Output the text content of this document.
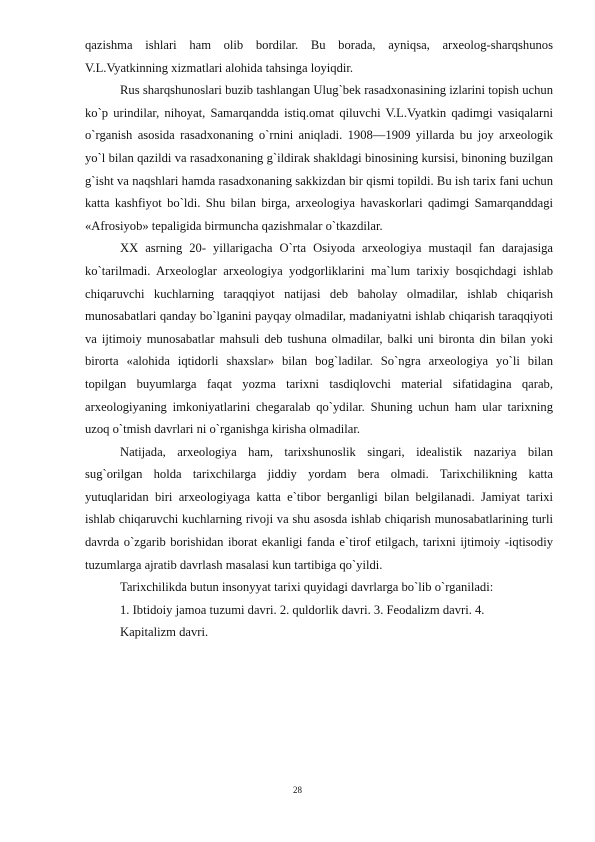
qazishma ishlari ham olib bordilar. Bu borada, ayniqsa, arxeolog-sharqshunos V.L.Vyatkinning xizmatlari alohida tahsinga loyiqdir.

Rus sharqshunoslari buzib tashlangan Ulug`bek rasadxonasining izlarini topish uchun ko`p urindilar, nihoyat, Samarqandda istiq.omat qiluvchi V.L.Vyatkin qadimgi vasiqalarni o`rganish asosida rasadxonaning o`rnini aniqladi. 1908—1909 yillarda bu joy arxeologik yo`l bilan qazildi va rasadxonaning g`ildirak shakldagi binosining kursisi, binoning buzilgan g`isht va naqshlari hamda rasadxonaning sakkizdan bir qismi topildi. Bu ish tarix fani uchun katta kashfiyot bo`ldi. Shu bilan birga, arxeologiya havaskorlari qadimgi Samarqanddagi «Afrosiyob» tepaligida birmuncha qazishmalar o`tkazdilar.

XX asrning 20- yillarigacha O`rta Osiyoda arxeologiya mustaqil fan darajasiga ko`tarilmadi. Arxeologlar arxeologiya yodgorliklarini ma`lum tarixiy bosqichdagi ishlab chiqaruvchi kuchlarning taraqqiyot natijasi deb baholay olmadilar, ishlab chiqarish munosabatlari qanday bo`lganini payqay olmadilar, madaniyatni ishlab chiqarish taraqqiyoti va ijtimoiy munosabatlar mahsuli deb tushuna olmadilar, balki uni bironta din bilan yoki birorta «alohida iqtidorli shaxslar» bilan bog`ladilar. So`ngra arxeologiya yo`li bilan topilgan buyumlarga faqat yozma tarixni tasdiqlovchi material sifatidagina qarab, arxeologiyaning imkoniyatlarini chegaralab qo`ydilar. Shuning uchun ham ular tarixning uzoq o`tmish davrlari ni o`rganishga kirisha olmadilar.

Natijada, arxeologiya ham, tarixshunoslik singari, idealistik nazariya bilan sug`orilgan holda tarixchilarga jiddiy yordam bera olmadi. Tarixchilikning katta yutuqlaridan biri arxeologiyaga katta e`tibor berganligi bilan belgilanadi. Jamiyat tarixi ishlab chiqaruvchi kuchlarning rivoji va shu asosda ishlab chiqarish munosabatlarining turli davrda o`zgarib borishidan iborat ekanligi fanda e`tirof etilgach, tarixni ijtimoiy -iqtisodiy tuzumlarga ajratib davrlash masalasi kun tartibiga qo`yildi.

Tarixchilikda butun insonyyat tarixi quyidagi davrlarga bo`lib o`rganiladi:

1. Ibtidoiy jamoa tuzumi davri. 2. quldorlik davri. 3. Feodalizm davri. 4.

Kapitalizm davri.

28
